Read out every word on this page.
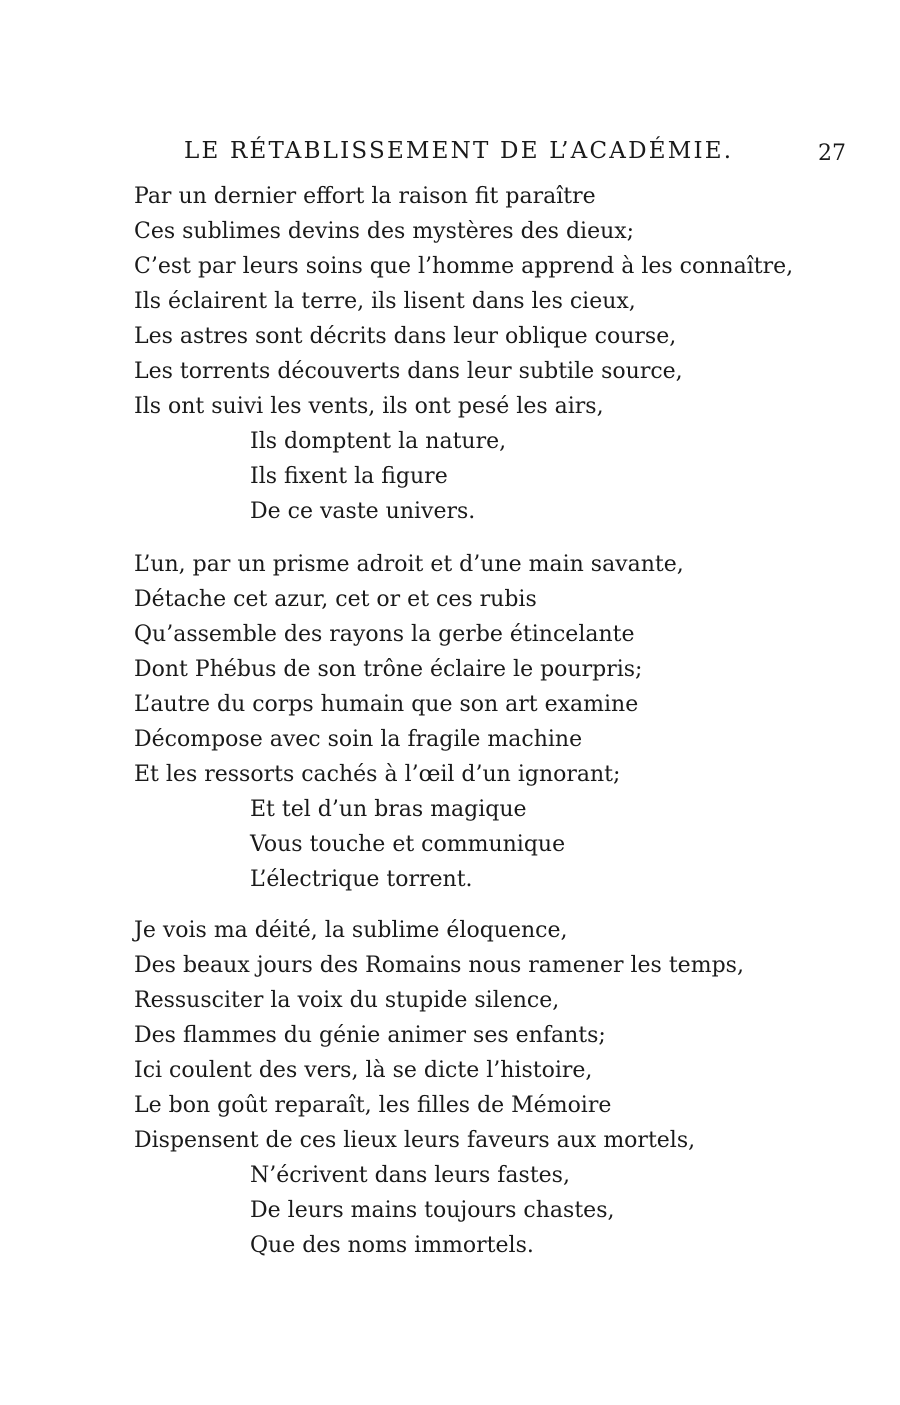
LE RÉTABLISSEMENT DE L’ACADÉMIE.	27
Par un dernier effort la raison fit paraître
Ces sublimes devins des mystères des dieux;
C’est par leurs soins que l’homme apprend à les connaître,
Ils éclairent la terre, ils lisent dans les cieux,
Les astres sont décrits dans leur oblique course,
Les torrents découverts dans leur subtile source,
Ils ont suivi les vents, ils ont pesé les airs,
Ils domptent la nature,
Ils fixent la figure
De ce vaste univers.
L’un, par un prisme adroit et d’une main savante,
Détache cet azur, cet or et ces rubis
Qu’assemble des rayons la gerbe étincelante
Dont Phébus de son trône éclaire le pourpris;
L’autre du corps humain que son art examine
Décompose avec soin la fragile machine
Et les ressorts cachés à l’œil d’un ignorant;
Et tel d’un bras magique
Vous touche et communique
L’électrique torrent.
Je vois ma déité, la sublime éloquence,
Des beaux jours des Romains nous ramener les temps,
Ressusciter la voix du stupide silence,
Des flammes du génie animer ses enfants;
Ici coulent des vers, là se dicte l’histoire,
Le bon goût reparaît, les filles de Mémoire
Dispensent de ces lieux leurs faveurs aux mortels,
N’écrivent dans leurs fastes,
De leurs mains toujours chastes,
Que des noms immortels.
